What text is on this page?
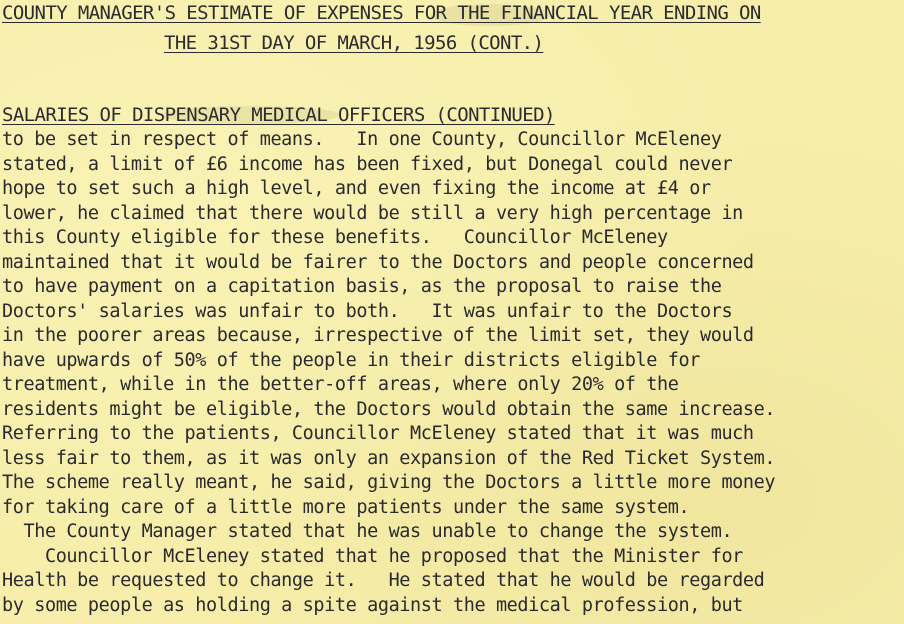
COUNTY MANAGER'S ESTIMATE OF EXPENSES FOR THE FINANCIAL YEAR ENDING ON
THE 31ST DAY OF MARCH, 1956 (CONT.)
SALARIES OF DISPENSARY MEDICAL OFFICERS (CONTINUED)
to be set in respect of means.   In one County, Councillor McEleney
stated, a limit of £6 income has been fixed, but Donegal could never
hope to set such a high level, and even fixing the income at £4 or
lower, he claimed that there would be still a very high percentage in
this County eligible for these benefits.   Councillor McEleney
maintained that it would be fairer to the Doctors and people concerned
to have payment on a capitation basis, as the proposal to raise the
Doctors' salaries was unfair to both.   It was unfair to the Doctors
in the poorer areas because, irrespective of the limit set, they would
have upwards of 50% of the people in their districts eligible for
treatment, while in the better-off areas, where only 20% of the
residents might be eligible, the Doctors would obtain the same increase.
Referring to the patients, Councillor McEleney stated that it was much
less fair to them, as it was only an expansion of the Red Ticket System.
The scheme really meant, he said, giving the Doctors a little more money
for taking care of a little more patients under the same system.
The County Manager stated that he was unable to change the system.
Councillor McEleney stated that he proposed that the Minister for
Health be requested to change it.   He stated that he would be regarded
by some people as holding a spite against the medical profession, but
